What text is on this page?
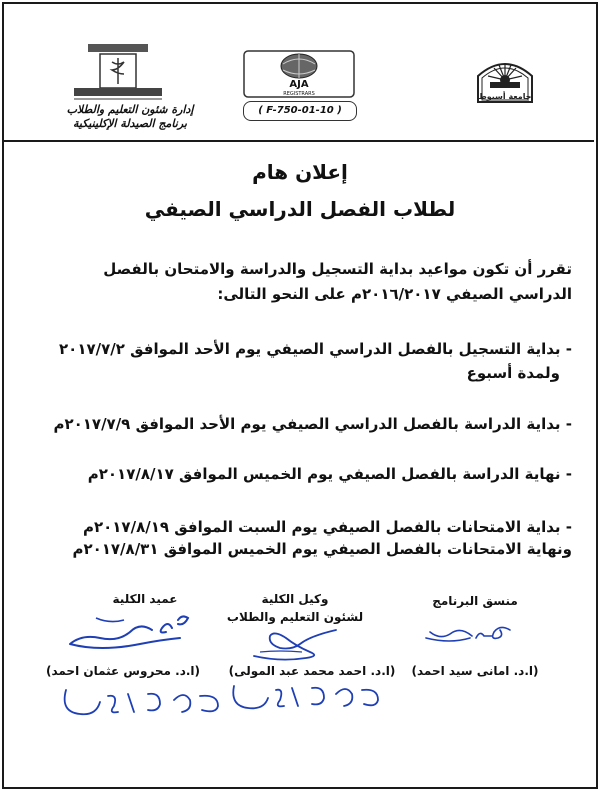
جامعة أسيوط
AJA
REGISTRARS
إدارة شئون التعليم والطلاب
برنامج الصيدلة الإكلينيكية
( F-750-01-10 )
إعلان هام
لطلاب الفصل الدراسي الصيفي
تقرر أن تكون مواعيد بداية التسجيل والدراسة والامتحان بالفصل
الدراسي الصيفي ٢٠١٦/٢٠١٧م على النحو التالى:
- بداية التسجيل بالفصل الدراسي الصيفي يوم الأحد الموافق ٢٠١٧/٧/٢
ولمدة أسبوع
- بداية الدراسة بالفصل الدراسي الصيفي يوم الأحد الموافق ٢٠١٧/٧/٩م
- نهاية الدراسة بالفصل الصيفي يوم الخميس الموافق ٢٠١٧/٨/١٧م
- بداية الامتحانات بالفصل الصيفي يوم السبت الموافق ٢٠١٧/٨/١٩م
ونهاية الامتحانات بالفصل الصيفي يوم الخميس الموافق ٢٠١٧/٨/٣١م
منسق البرنامج
وكيل الكلية
لشئون التعليم والطلاب
عميد الكلية
(ا.د. امانى سيد احمد)
(ا.د. احمد محمد عبد المولى)
(ا.د. محروس عثمان احمد)
